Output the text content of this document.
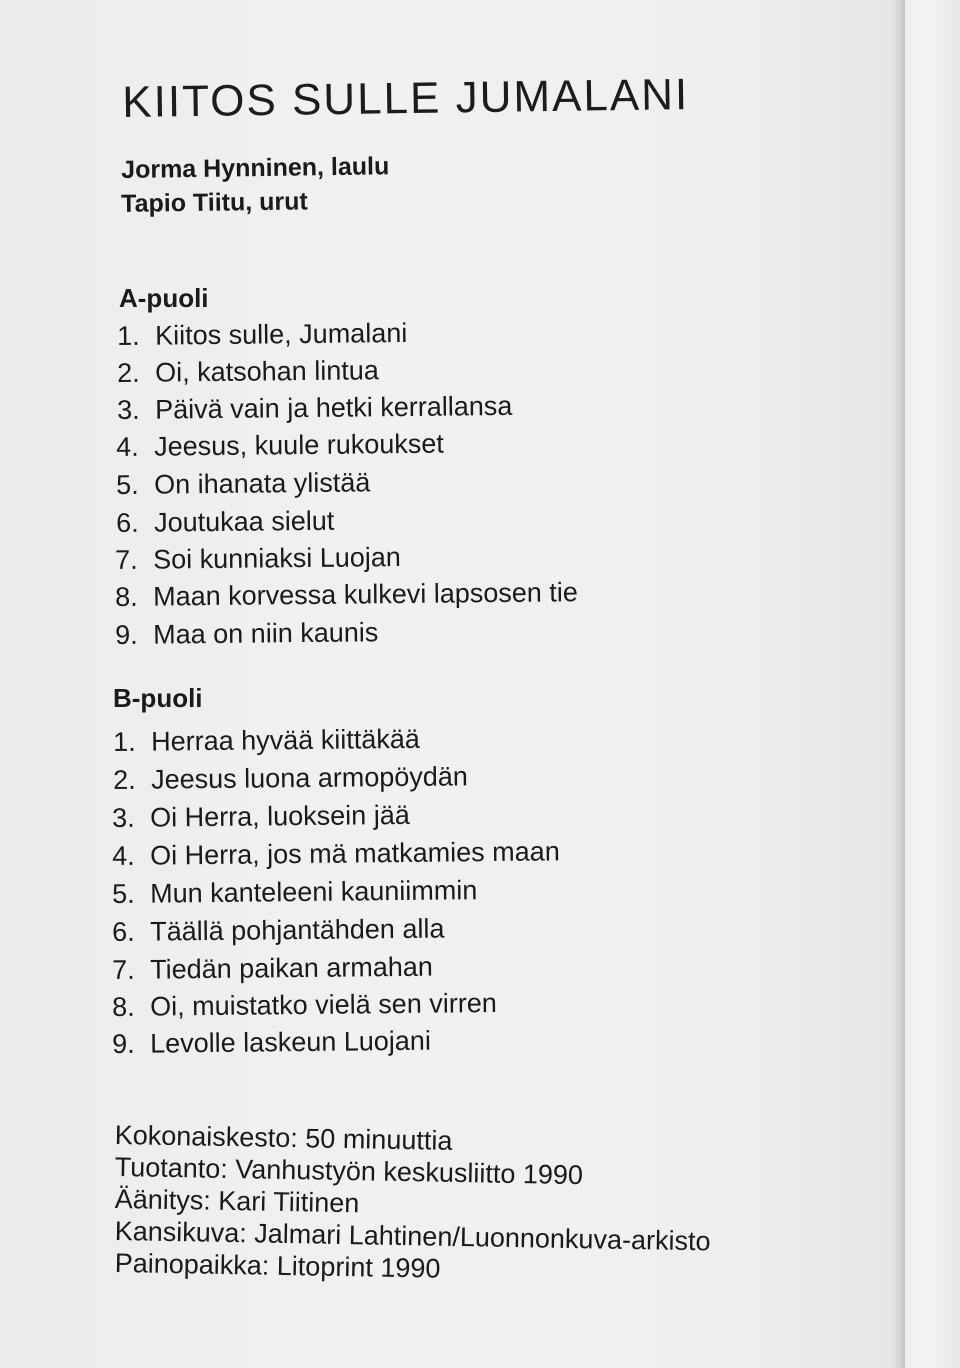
KIITOS SULLE JUMALANI
Jorma Hynninen, laulu
Tapio Tiitu, urut
A-puoli
1. Kiitos sulle, Jumalani
2. Oi, katsohan lintua
3. Päivä vain ja hetki kerrallansa
4. Jeesus, kuule rukoukset
5. On ihanata ylistää
6. Joutukaa sielut
7. Soi kunniaksi Luojan
8. Maan korvessa kulkevi lapsosen tie
9. Maa on niin kaunis
B-puoli
1. Herraa hyvää kiittäkää
2. Jeesus luona armopöydän
3. Oi Herra, luoksein jää
4. Oi Herra, jos mä matkamies maan
5. Mun kanteleeni kauniimmin
6. Täällä pohjantähden alla
7. Tiedän paikan armahan
8. Oi, muistatko vielä sen virren
9. Levolle laskeun Luojani
Kokonaiskesto: 50 minuuttia
Tuotanto: Vanhustyön keskusliitto 1990
Äänitys: Kari Tiitinen
Kansikuva: Jalmari Lahtinen/Luonnonkuva-arkisto
Painopaikka: Litoprint 1990
